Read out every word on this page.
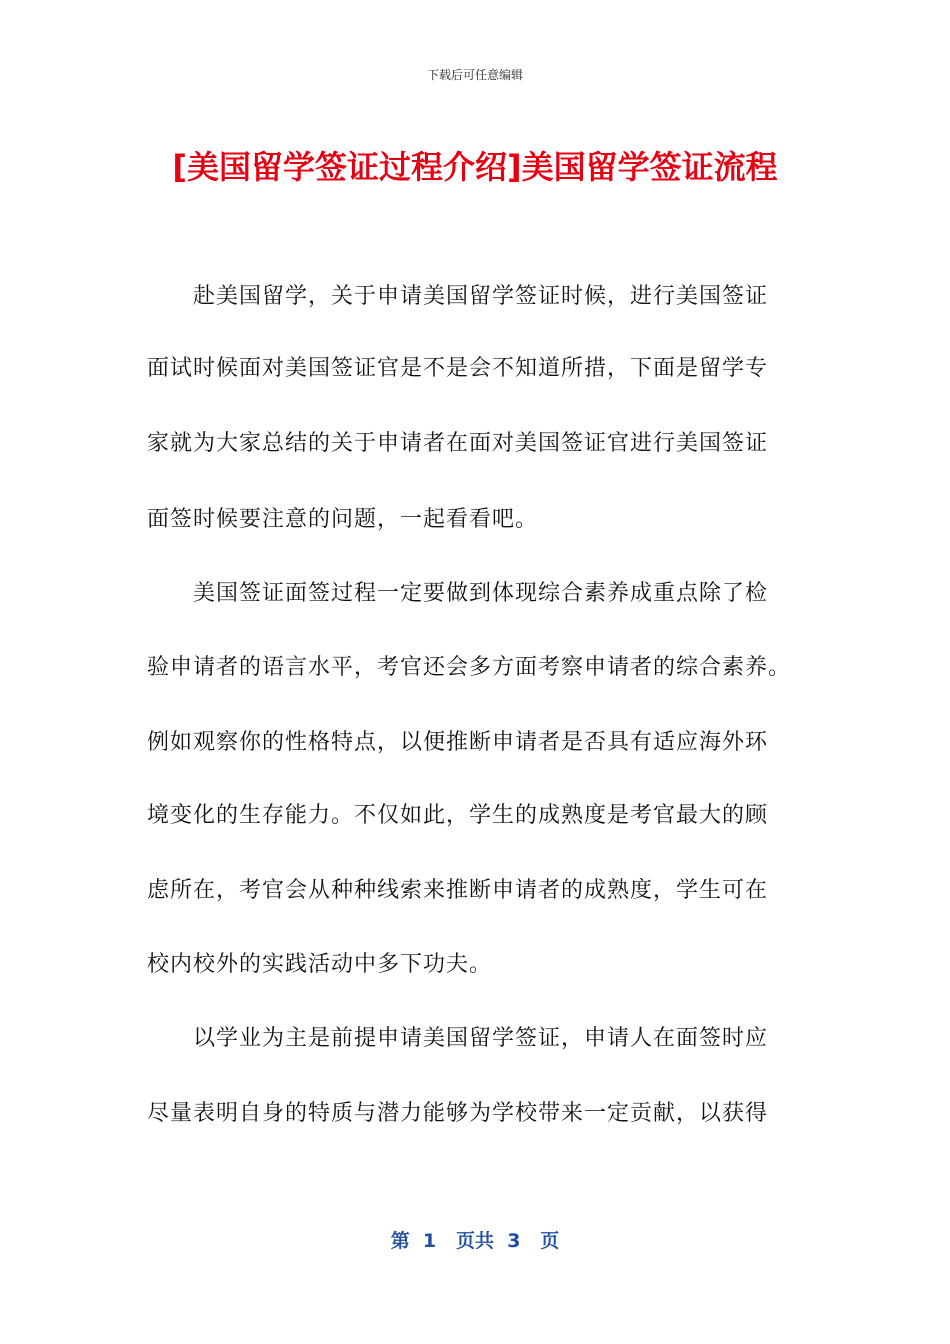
下载后可任意编辑
[美国留学签证过程介绍]美国留学签证流程
赴美国留学，关于申请美国留学签证时候，进行美国签证
面试时候面对美国签证官是不是会不知道所措，下面是留学专
家就为大家总结的关于申请者在面对美国签证官进行美国签证
面签时候要注意的问题，一起看看吧。
美国签证面签过程一定要做到体现综合素养成重点除了检
验申请者的语言水平，考官还会多方面考察申请者的综合素养。
例如观察你的性格特点，以便推断申请者是否具有适应海外环
境变化的生存能力。不仅如此，学生的成熟度是考官最大的顾
虑所在，考官会从种种线索来推断申请者的成熟度，学生可在
校内校外的实践活动中多下功夫。
以学业为主是前提申请美国留学签证，申请人在面签时应
尽量表明自身的特质与潜力能够为学校带来一定贡献，以获得
第  1   页共  3   页
